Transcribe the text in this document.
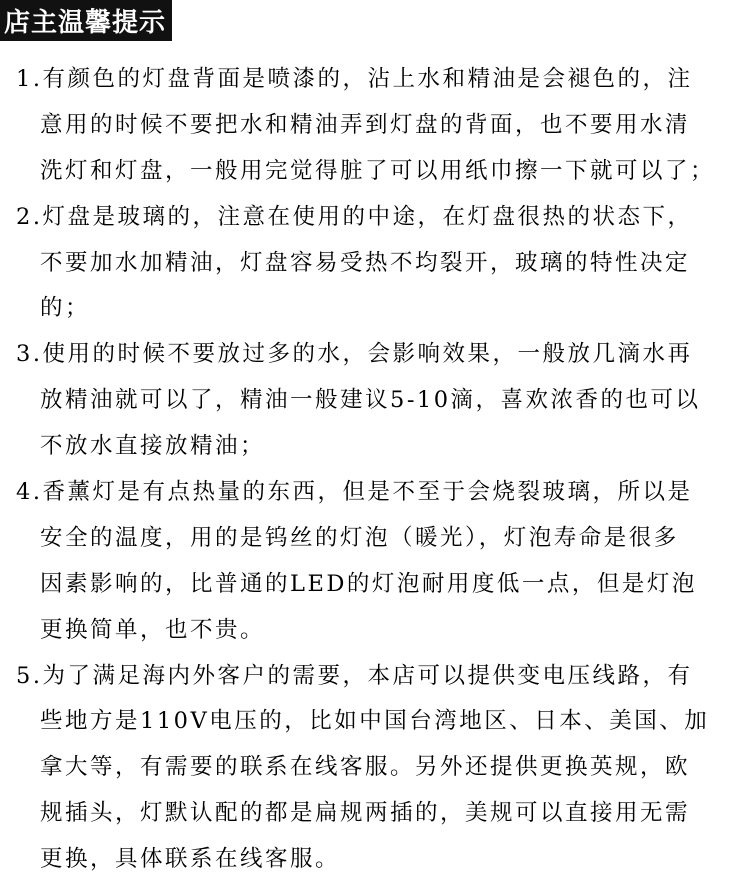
店主温馨提示
1.有颜色的灯盘背面是喷漆的，沾上水和精油是会褪色的，注
意用的时候不要把水和精油弄到灯盘的背面，也不要用水清
洗灯和灯盘，一般用完觉得脏了可以用纸巾擦一下就可以了；
2.灯盘是玻璃的，注意在使用的中途，在灯盘很热的状态下，
不要加水加精油，灯盘容易受热不均裂开，玻璃的特性决定
的；
3.使用的时候不要放过多的水，会影响效果，一般放几滴水再
放精油就可以了，精油一般建议5-10滴，喜欢浓香的也可以
不放水直接放精油；
4.香薰灯是有点热量的东西，但是不至于会烧裂玻璃，所以是
安全的温度，用的是钨丝的灯泡（暖光），灯泡寿命是很多
因素影响的，比普通的LED的灯泡耐用度低一点，但是灯泡
更换简单，也不贵。
5.为了满足海内外客户的需要，本店可以提供变电压线路，有
些地方是110V电压的，比如中国台湾地区、日本、美国、加
拿大等，有需要的联系在线客服。另外还提供更换英规，欧
规插头，灯默认配的都是扁规两插的，美规可以直接用无需
更换，具体联系在线客服。
